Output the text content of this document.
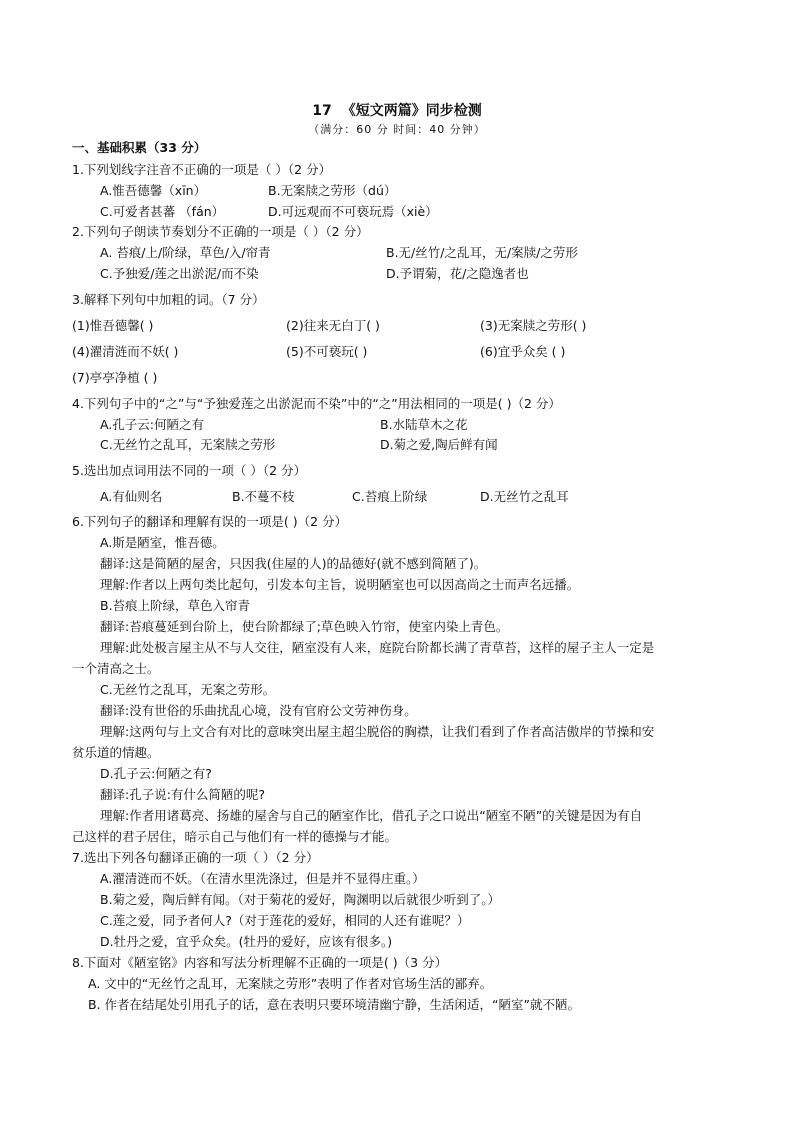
17 《短文两篇》同步检测
（满分：60 分 时间：40 分钟）
一、基础积累（33 分）
1.下列划线字注音不正确的一项是（ ）（2 分）
A.惟吾德馨（xīn）	B.无案牍之劳形（dú）
C.可爱者甚蕃 （fán）	D.可远观而不可亵玩焉（xiè）
2.下列句子朗读节奏划分不正确的一项是（ ）（2 分）
A. 苔痕/上/阶绿，草色/入/帘青	B.无/丝竹/之乱耳，无/案牍/之劳形
C.予独爱/莲之出淤泥/而不染	D.予谓菊，花/之隐逸者也
3.解释下列句中加粗的词。（7 分）
(1)惟吾德馨( )	(2)往来无白丁( )	(3)无案牍之劳形( )
(4)濯清涟而不妖( )	(5)不可亵玩( )	(6)宜乎众矣 ( )
(7)亭亭净植 ( )
4.下列句子中的“之”与“予独爱莲之出淤泥而不染”中的“之”用法相同的一项是( )（2 分）
A.孔子云:何陋之有	B.水陆草木之花
C.无丝竹之乱耳，无案牍之劳形	D.菊之爱,陶后鲜有闻
5.选出加点词用法不同的一项（ ）（2 分）
A.有仙则名	B.不蔓不枝	C.苔痕上阶绿	D.无丝竹之乱耳
6.下列句子的翻译和理解有误的一项是( )（2 分）
A.斯是陋室，惟吾德。
翻译:这是简陋的屋舍，只因我(住屋的人)的品德好(就不感到简陋了)。
理解:作者以上两句类比起句，引发本句主旨，说明陋室也可以因高尚之士而声名远播。
B.苔痕上阶绿，草色入帘青
翻译:苔痕蔓延到台阶上，使台阶都绿了;草色映入竹帘，使室内染上青色。
理解:此处极言屋主从不与人交往，陋室没有人来，庭院台阶都长满了青草苔，这样的屋子主人一定是
一个清高之士。
C.无丝竹之乱耳，无案之劳形。
翻译:没有世俗的乐曲扰乱心境，没有官府公文劳神伤身。
理解:这两句与上文合有对比的意味突出屋主超尘脱俗的胸襟，让我们看到了作者高洁傲岸的节操和安
贫乐道的情趣。
D.孔子云:何陋之有?
翻译:孔子说:有什么简陋的呢?
理解:作者用诸葛亮、扬雄的屋舍与自己的陋室作比，借孔子之口说出“陋室不陋”的关键是因为有自
己这样的君子居住，暗示自己与他们有一样的德操与才能。
7.选出下列各句翻译正确的一项（ ）（2 分）
A.濯清涟而不妖。（在清水里洗涤过，但是并不显得庄重。）
B.菊之爱，陶后鲜有闻。（对于菊花的爱好，陶渊明以后就很少听到了。）
C.莲之爱，同予者何人?（对于莲花的爱好，相同的人还有谁呢？）
D.牡丹之爱，宜乎众矣。(牡丹的爱好，应该有很多。)
8.下面对《陋室铭》内容和写法分析理解不正确的一项是( )（3 分）
A. 文中的“无丝竹之乱耳，无案牍之劳形”表明了作者对官场生活的鄙弃。
B. 作者在结尾处引用孔子的话，意在表明只要环境清幽宁静，生活闲适，“陋室”就不陋。
